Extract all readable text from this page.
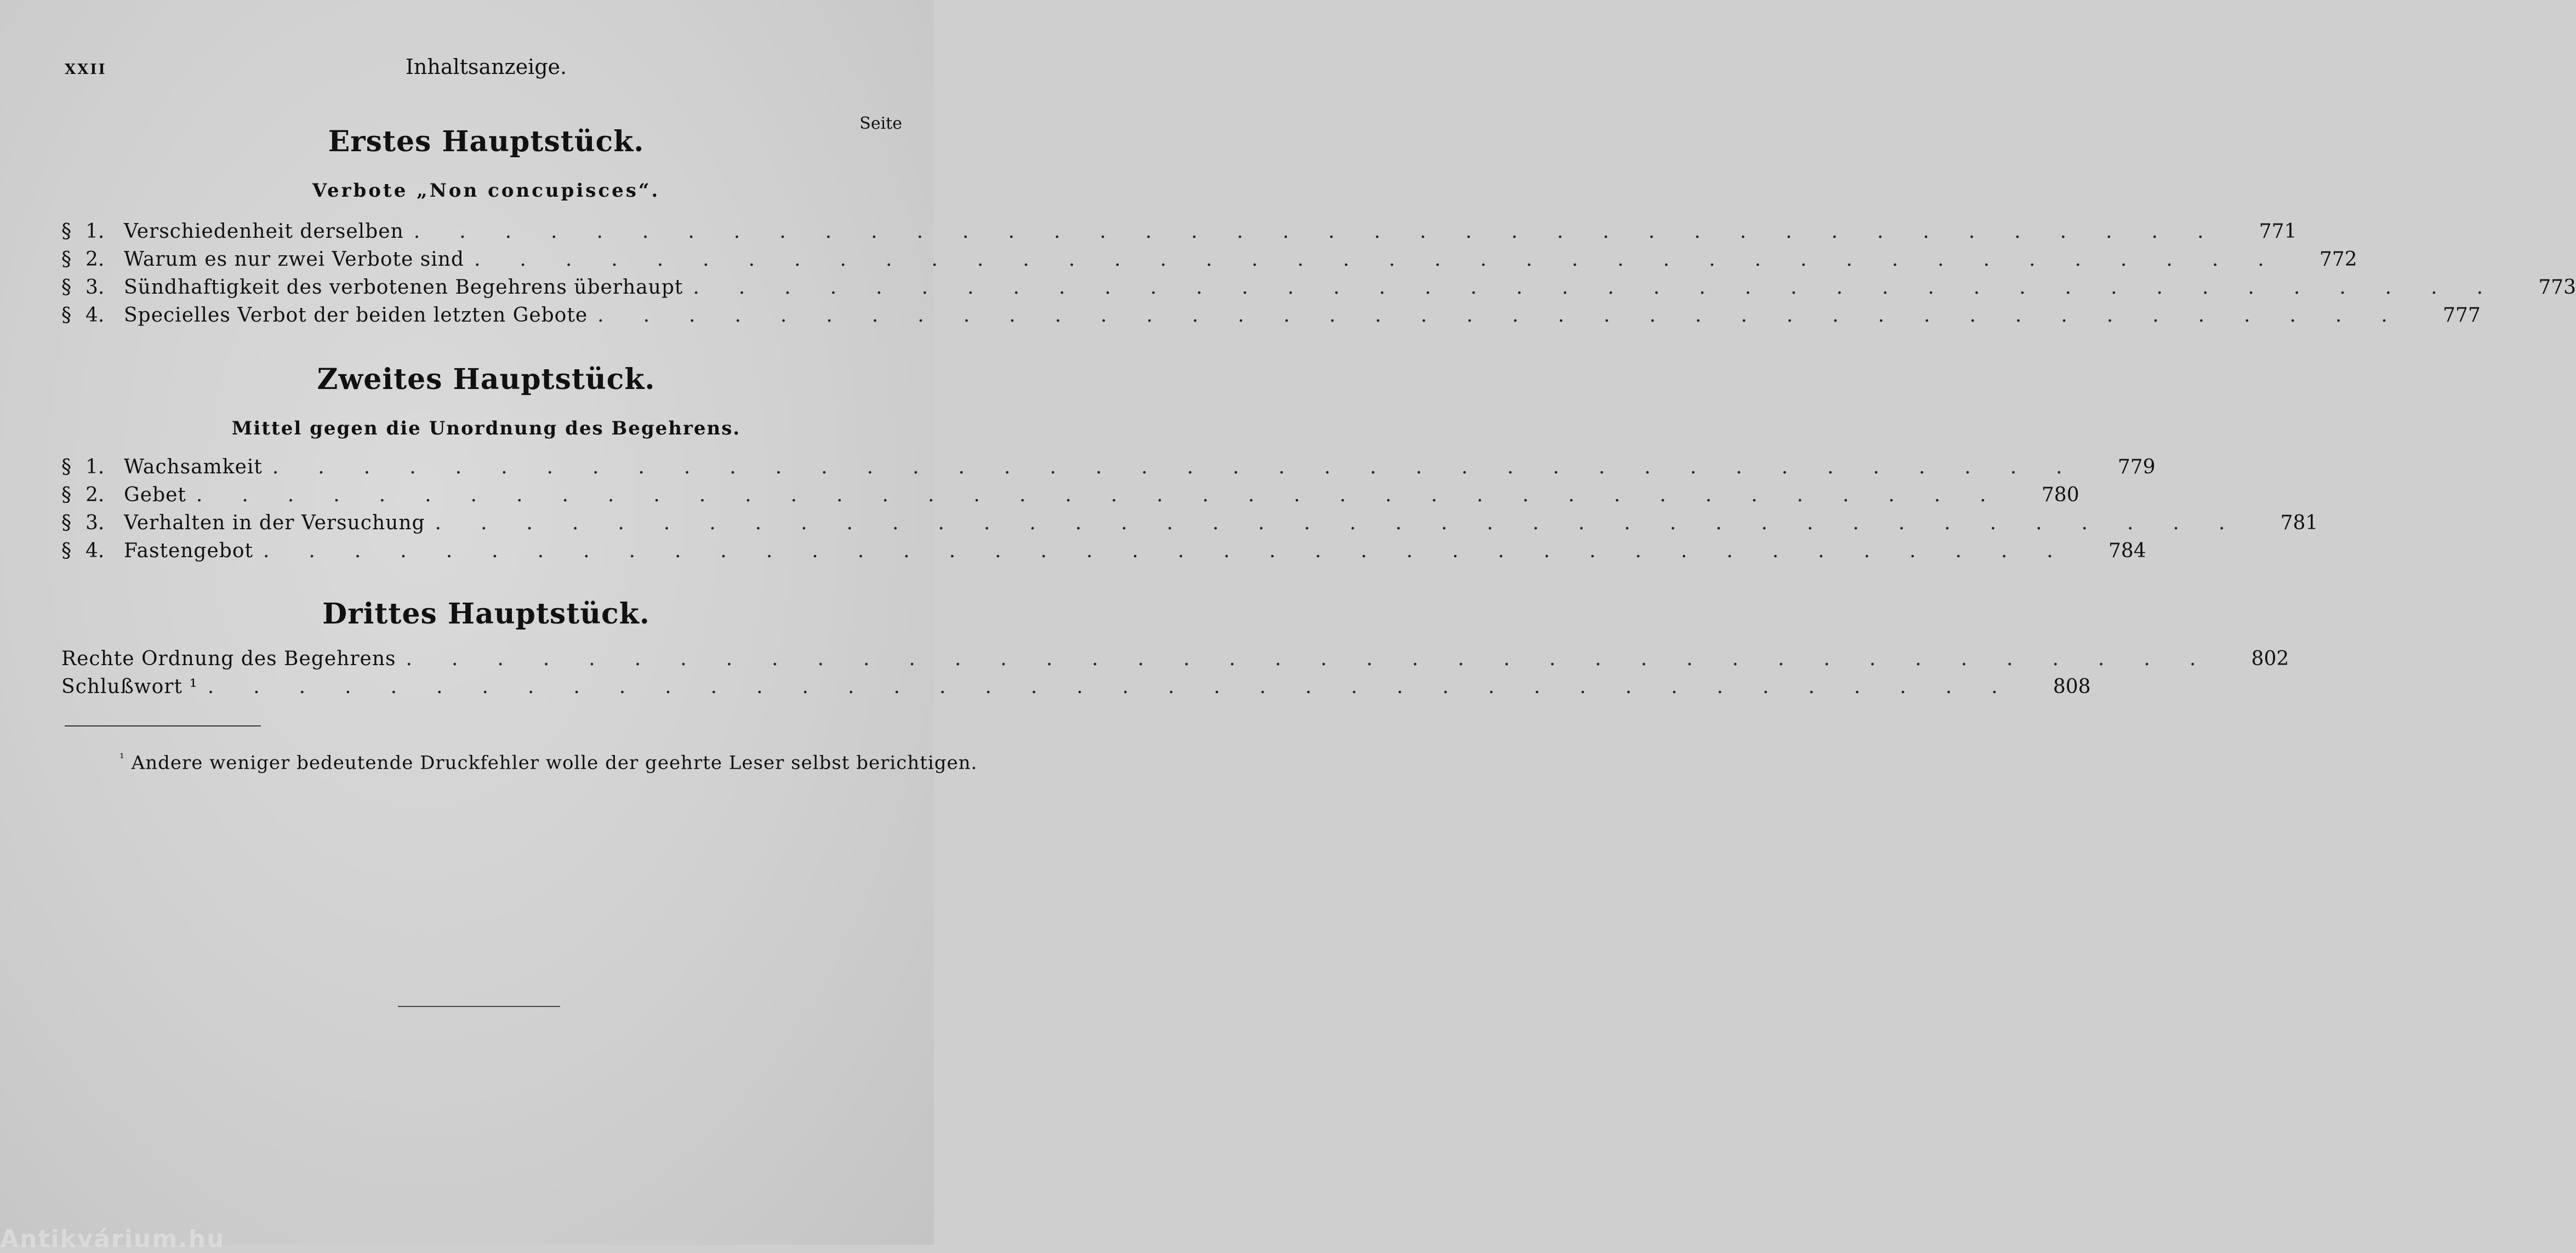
XXII	Inhaltsanzeige.
Seite
Erstes Hauptstück.
Verbote „Non concupisces“.
§ 1. Verschiedenheit derselben .  .  .  .  .  .  .  .  .  .  .  .  .  .  .  .  .  .  .  .  .  .  .  .  .  .  .  .  .  .  .  .  .  .  .  .  .  .  .  .   771
§ 2. Warum es nur zwei Verbote sind .  .  .  .  .  .  .  .  .  .  .  .  .  .  .  .  .  .  .  .  .  .  .  .  .  .  .  .  .  .  .  .  .  .  .  .  .  .  .  .   772
§ 3. Sündhaftigkeit des verbotenen Begehrens überhaupt .  .  .  .  .  .  .  .  .  .  .  .  .  .  .  .  .  .  .  .  .  .  .  .  .  .  .  .  .  .  .  .  .  .  .  .  .  .  .  .   773
§ 4. Specielles Verbot der beiden letzten Gebote .  .  .  .  .  .  .  .  .  .  .  .  .  .  .  .  .  .  .  .  .  .  .  .  .  .  .  .  .  .  .  .  .  .  .  .  .  .  .  .   777
Zweites Hauptstück.
Mittel gegen die Unordnung des Begehrens.
§ 1. Wachsamkeit .  .  .  .  .  .  .  .  .  .  .  .  .  .  .  .  .  .  .  .  .  .  .  .  .  .  .  .  .  .  .  .  .  .  .  .  .  .  .  .   779
§ 2. Gebet .  .  .  .  .  .  .  .  .  .  .  .  .  .  .  .  .  .  .  .  .  .  .  .  .  .  .  .  .  .  .  .  .  .  .  .  .  .  .  .   780
§ 3. Verhalten in der Versuchung .  .  .  .  .  .  .  .  .  .  .  .  .  .  .  .  .  .  .  .  .  .  .  .  .  .  .  .  .  .  .  .  .  .  .  .  .  .  .  .   781
§ 4. Fastengebot .  .  .  .  .  .  .  .  .  .  .  .  .  .  .  .  .  .  .  .  .  .  .  .  .  .  .  .  .  .  .  .  .  .  .  .  .  .  .  .   784
Drittes Hauptstück.
Rechte Ordnung des Begehrens .  .  .  .  .  .  .  .  .  .  .  .  .  .  .  .  .  .  .  .  .  .  .  .  .  .  .  .  .  .  .  .  .  .  .  .  .  .  .  .   802
Schlußwort ¹ .  .  .  .  .  .  .  .  .  .  .  .  .  .  .  .  .  .  .  .  .  .  .  .  .  .  .  .  .  .  .  .  .  .  .  .  .  .  .  .   808
$^{^1}$ Andere weniger bedeutende Druckfehler wolle der geehrte Leser selbst berichtigen.
Antikvárium.hu
